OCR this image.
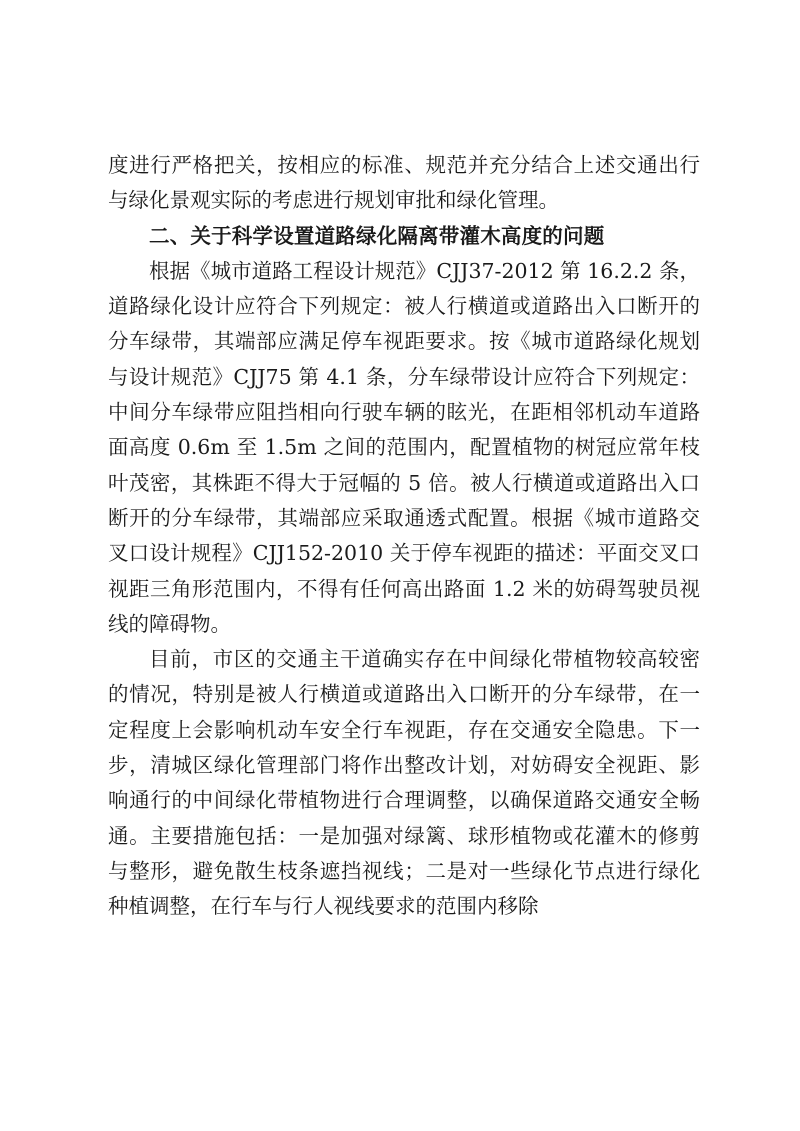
度进行严格把关，按相应的标准、规范并充分结合上述交通出行与绿化景观实际的考虑进行规划审批和绿化管理。

二、关于科学设置道路绿化隔离带灌木高度的问题

根据《城市道路工程设计规范》CJJ37-2012 第 16.2.2 条，道路绿化设计应符合下列规定：被人行横道或道路出入口断开的分车绿带，其端部应满足停车视距要求。按《城市道路绿化规划与设计规范》CJJ75 第 4.1 条，分车绿带设计应符合下列规定： 中间分车绿带应阻挡相向行驶车辆的眩光，在距相邻机动车道路面高度 0.6m 至 1.5m 之间的范围内，配置植物的树冠应常年枝叶茂密，其株距不得大于冠幅的 5 倍。被人行横道或道路出入口断开的分车绿带，其端部应采取通透式配置。根据《城市道路交叉口设计规程》CJJ152-2010 关于停车视距的描述：平面交叉口视距三角形范围内，不得有任何高出路面 1.2 米的妨碍驾驶员视线的障碍物。

目前，市区的交通主干道确实存在中间绿化带植物较高较密的情况，特别是被人行横道或道路出入口断开的分车绿带，在一定程度上会影响机动车安全行车视距，存在交通安全隐患。下一步，清城区绿化管理部门将作出整改计划，对妨碍安全视距、影响通行的中间绿化带植物进行合理调整，以确保道路交通安全畅通。主要措施包括：一是加强对绿篱、球形植物或花灌木的修剪与整形，避免散生枝条遮挡视线；二是对一些绿化节点进行绿化种植调整，在行车与行人视线要求的范围内移除
